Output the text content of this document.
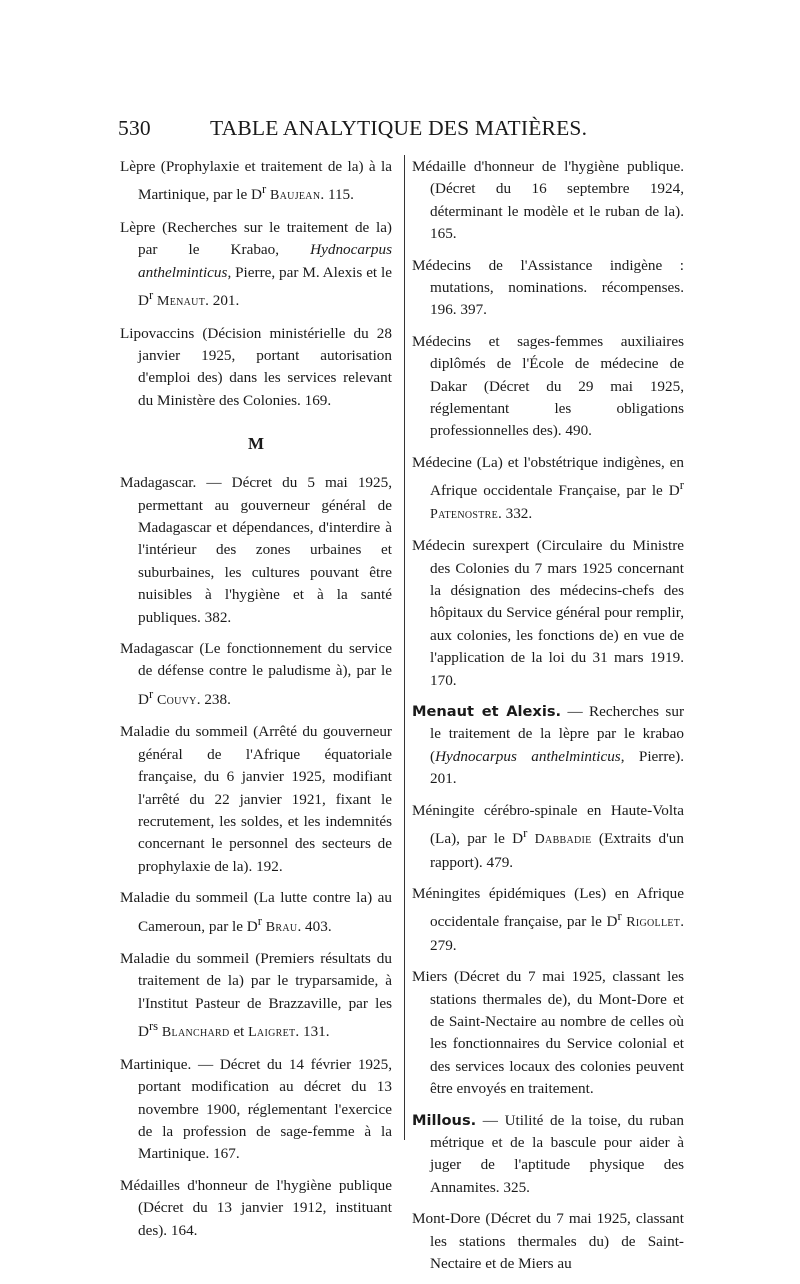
530	TABLE ANALYTIQUE DES MATIÈRES.

Lèpre (Prophylaxie et traitement de la) à la Martinique, par le $D^r$ Baujean. 115.

Lèpre (Recherches sur le traitement de la) par le Krabao, Hydnocarpus anthelminticus, Pierre, par M. Alexis et le $D^r$ Menaut. 201.

Lipovaccins (Décision ministérielle du 28 janvier 1925, portant autorisation d'emploi des) dans les services relevant du Ministère des Colonies. 169.

M

Madagascar. — Décret du 5 mai 1925, permettant au gouverneur général de Madagascar et dépendances, d'interdire à l'intérieur des zones urbaines et suburbaines, les cultures pouvant être nuisibles à l'hygiène et à la santé publiques. 382.

Madagascar (Le fonctionnement du service de défense contre le paludisme à), par le $D^r$ Couvy. 238.

Maladie du sommeil (Arrêté du gouverneur général de l'Afrique équatoriale française, du 6 janvier 1925, modifiant l'arrêté du 22 janvier 1921, fixant le recrutement, les soldes, et les indemnités concernant le personnel des secteurs de prophylaxie de la). 192.

Maladie du sommeil (La lutte contre la) au Cameroun, par le $D^r$ Brau. 403.

Maladie du sommeil (Premiers résultats du traitement de la) par le tryparsamide, à l'Institut Pasteur de Brazzaville, par les $D^{rs}$ Blanchard et Laigret. 131.

Martinique. — Décret du 14 février 1925, portant modification au décret du 13 novembre 1900, réglementant l'exercice de la profession de sage-femme à la Martinique. 167.

Médailles d'honneur de l'hygiène publique (Décret du 13 janvier 1912, instituant des). 164.

Médaille d'honneur de l'hygiène publique. (Décret du 16 septembre 1924, déterminant le modèle et le ruban de la). 165.

Médecins de l'Assistance indigène : mutations, nominations. récompenses. 196. 397.

Médecins et sages-femmes auxiliaires diplômés de l'École de médecine de Dakar (Décret du 29 mai 1925, réglementant les obligations professionnelles des). 490.

Médecine (La) et l'obstétrique indigènes, en Afrique occidentale Française, par le $D^r$ Patenostre. 332.

Médecin surexpert (Circulaire du Ministre des Colonies du 7 mars 1925 concernant la désignation des médecins-chefs des hôpitaux du Service général pour remplir, aux colonies, les fonctions de) en vue de l'application de la loi du 31 mars 1919. 170.

Menaut et Alexis. — Recherches sur le traitement de la lèpre par le krabao (Hydnocarpus anthelminticus, Pierre). 201.

Méningite cérébro-spinale en Haute-Volta (La), par le $D^r$ Dabbadie (Extraits d'un rapport). 479.

Méningites épidémiques (Les) en Afrique occidentale française, par le $D^r$ Rigollet. 279.

Miers (Décret du 7 mai 1925, classant les stations thermales de), du Mont-Dore et de Saint-Nectaire au nombre de celles où les fonctionnaires du Service colonial et des services locaux des colonies peuvent être envoyés en traitement.

Millous. — Utilité de la toise, du ruban métrique et de la bascule pour aider à juger de l'aptitude physique des Annamites. 325.

Mont-Dore (Décret du 7 mai 1925, classant les stations thermales du) de Saint-Nectaire et de Miers au
